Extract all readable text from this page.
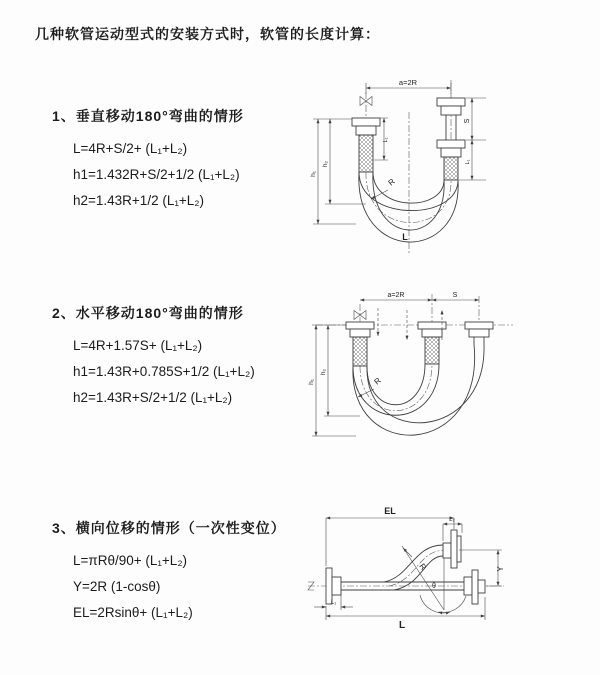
几种软管运动型式的安装方式时，软管的长度计算：
1、垂直移动180°弯曲的情形
L=4R+S/2+ (L₁+L₂)
h1=1.432R+S/2+1/2 (L₁+L₂)
h2=1.43R+1/2 (L₁+L₂)
a=2R
R
h₁
h₂
L₁
S
L₁
L
2、水平移动180°弯曲的情形
L=4R+1.57S+ (L₁+L₂)
h1=1.43R+0.785S+1/2 (L₁+L₂)
h2=1.43R+S/2+1/2 (L₁+L₂)
a=2R	S
R
h₁
h₂
3、横向位移的情形（一次性变位）
L=πRθ/90+ (L₁+L₂)
Y=2R (1-cosθ)
EL=2Rsinθ+ (L₁+L₂)
EL
L₂
Y
R
θ
L₁
L
